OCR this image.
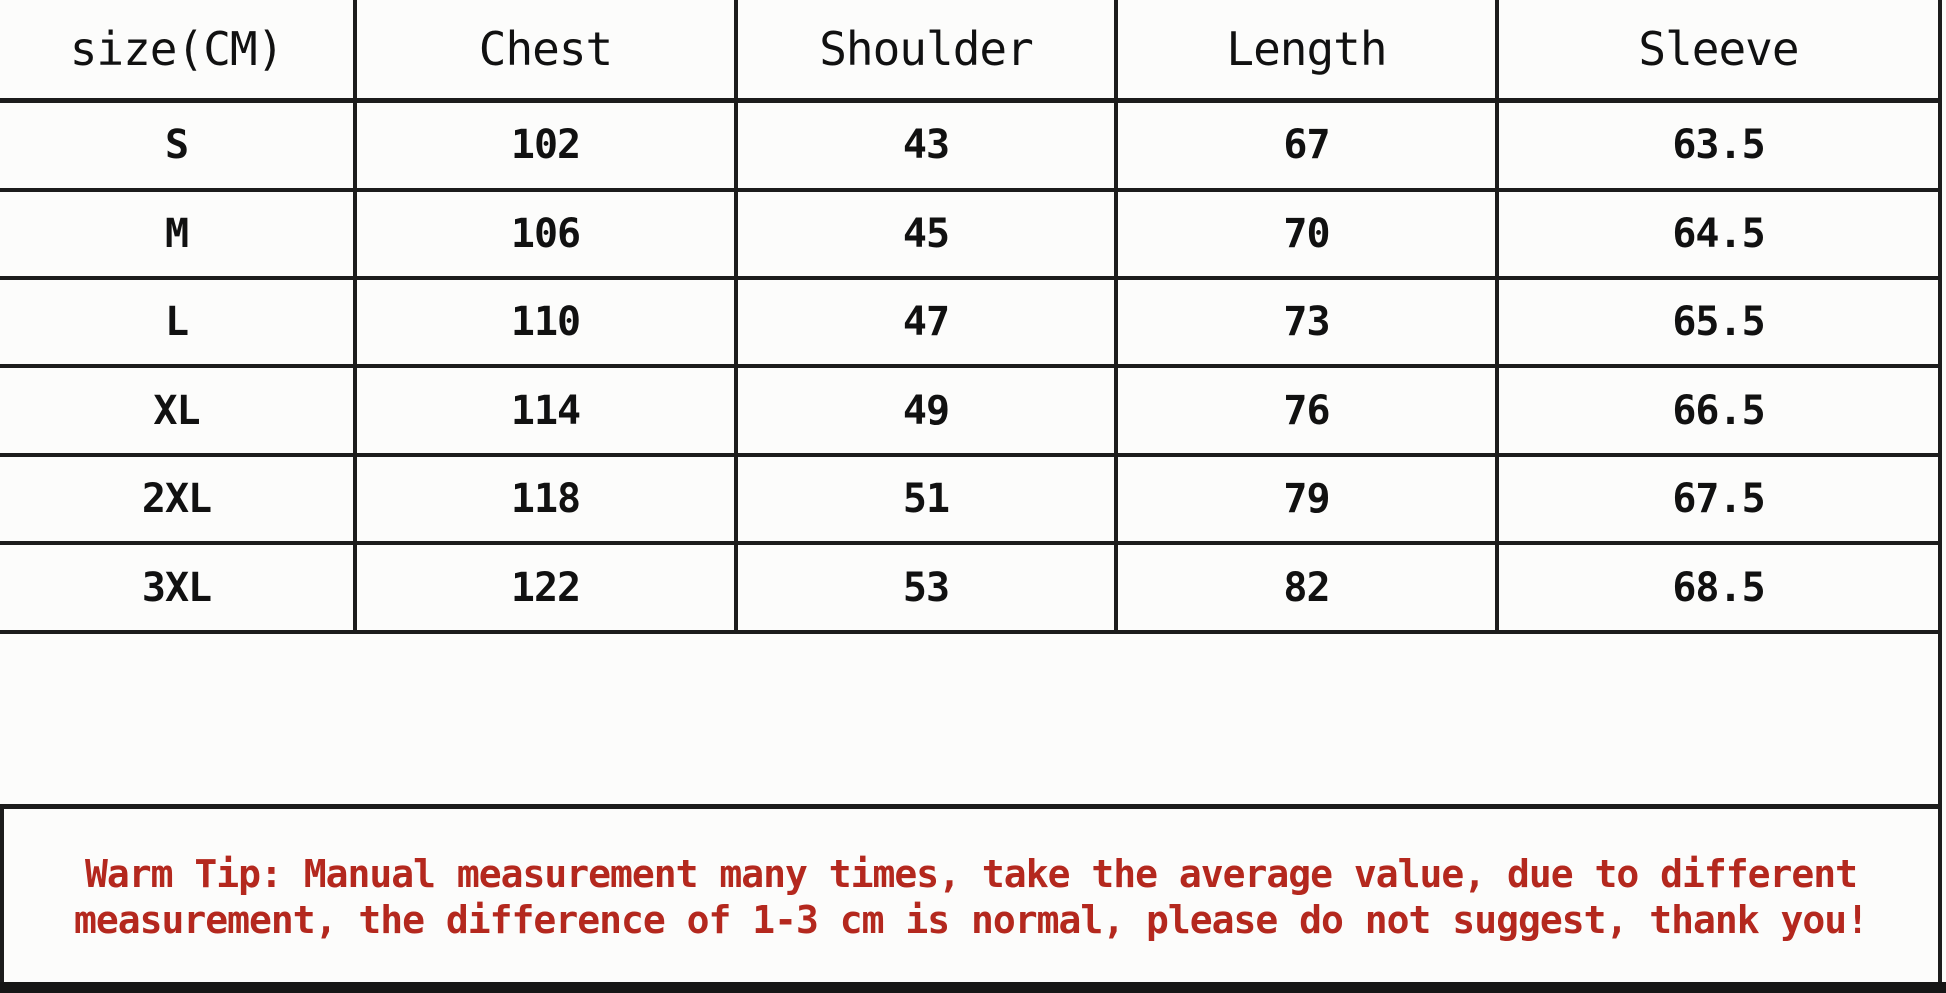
size(CM)	Chest	Shoulder	Length	Sleeve
S	102	43	67	63.5
M	106	45	70	64.5
L	110	47	73	65.5
XL	114	49	76	66.5
2XL	118	51	79	67.5
3XL	122	53	82	68.5
Warm Tip: Manual measurement many times, take the average value, due to different
measurement, the difference of 1-3 cm is normal, please do not suggest, thank you!
